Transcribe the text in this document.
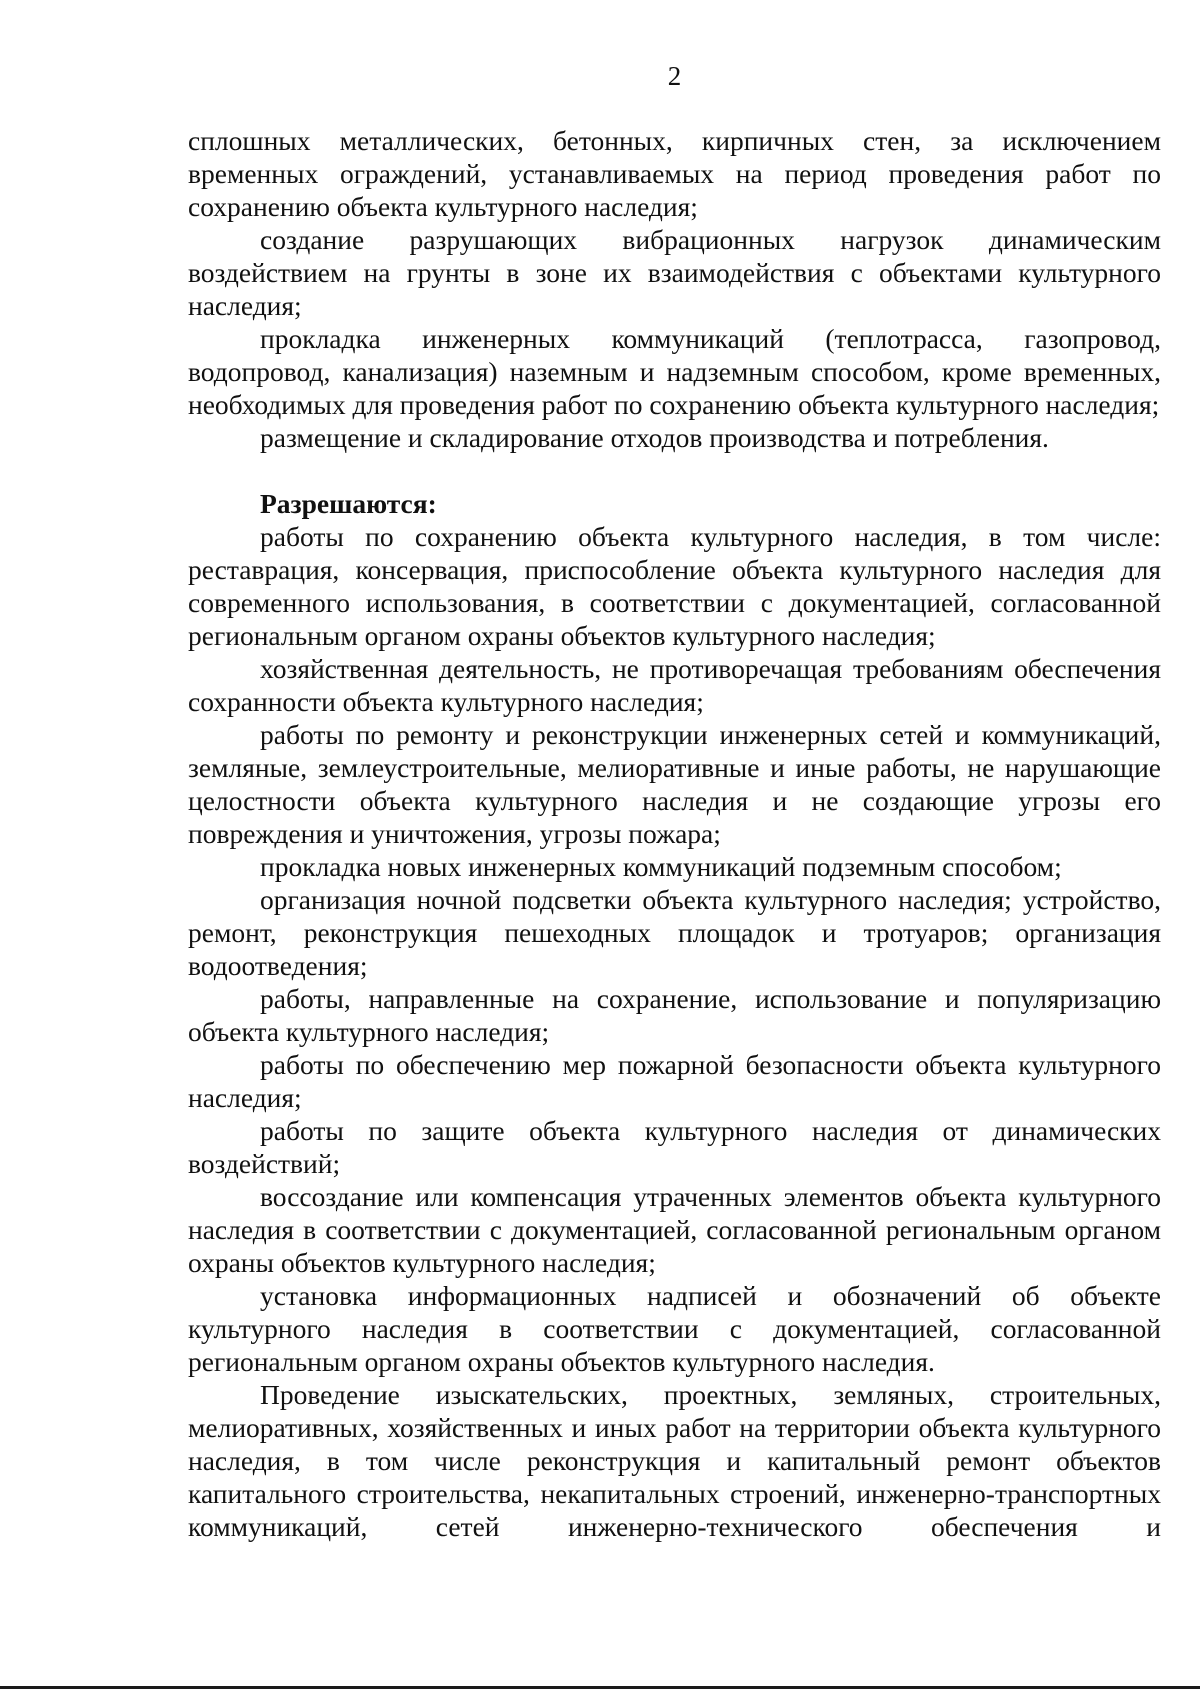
2

сплошных металлических, бетонных, кирпичных стен, за исключением временных ограждений, устанавливаемых на период проведения работ по сохранению объекта культурного наследия;

создание разрушающих вибрационных нагрузок динамическим воздействием на грунты в зоне их взаимодействия с объектами культурного наследия;

прокладка инженерных коммуникаций (теплотрасса, газопровод, водопровод, канализация) наземным и надземным способом, кроме временных, необходимых для проведения работ по сохранению объекта культурного наследия;

размещение и складирование отходов производства и потребления.

Разрешаются:

работы по сохранению объекта культурного наследия, в том числе: реставрация, консервация, приспособление объекта культурного наследия для современного использования, в соответствии с документацией, согласованной региональным органом охраны объектов культурного наследия;

хозяйственная деятельность, не противоречащая требованиям обеспечения сохранности объекта культурного наследия;

работы по ремонту и реконструкции инженерных сетей и коммуникаций, земляные, землеустроительные, мелиоративные и иные работы, не нарушающие целостности объекта культурного наследия и не создающие угрозы его повреждения и уничтожения, угрозы пожара;

прокладка новых инженерных коммуникаций подземным способом;

организация ночной подсветки объекта культурного наследия; устройство, ремонт, реконструкция пешеходных площадок и тротуаров; организация водоотведения;

работы, направленные на сохранение, использование и популяризацию объекта культурного наследия;

работы по обеспечению мер пожарной безопасности объекта культурного наследия;

работы по защите объекта культурного наследия от динамических воздействий;

воссоздание или компенсация утраченных элементов объекта культурного наследия в соответствии с документацией, согласованной региональным органом охраны объектов культурного наследия;

установка информационных надписей и обозначений об объекте культурного наследия в соответствии с документацией, согласованной региональным органом охраны объектов культурного наследия.

Проведение изыскательских, проектных, земляных, строительных, мелиоративных, хозяйственных и иных работ на территории объекта культурного наследия, в том числе реконструкция и капитальный ремонт объектов капитального строительства, некапитальных строений, инженерно-транспортных коммуникаций, сетей инженерно-технического обеспечения и
